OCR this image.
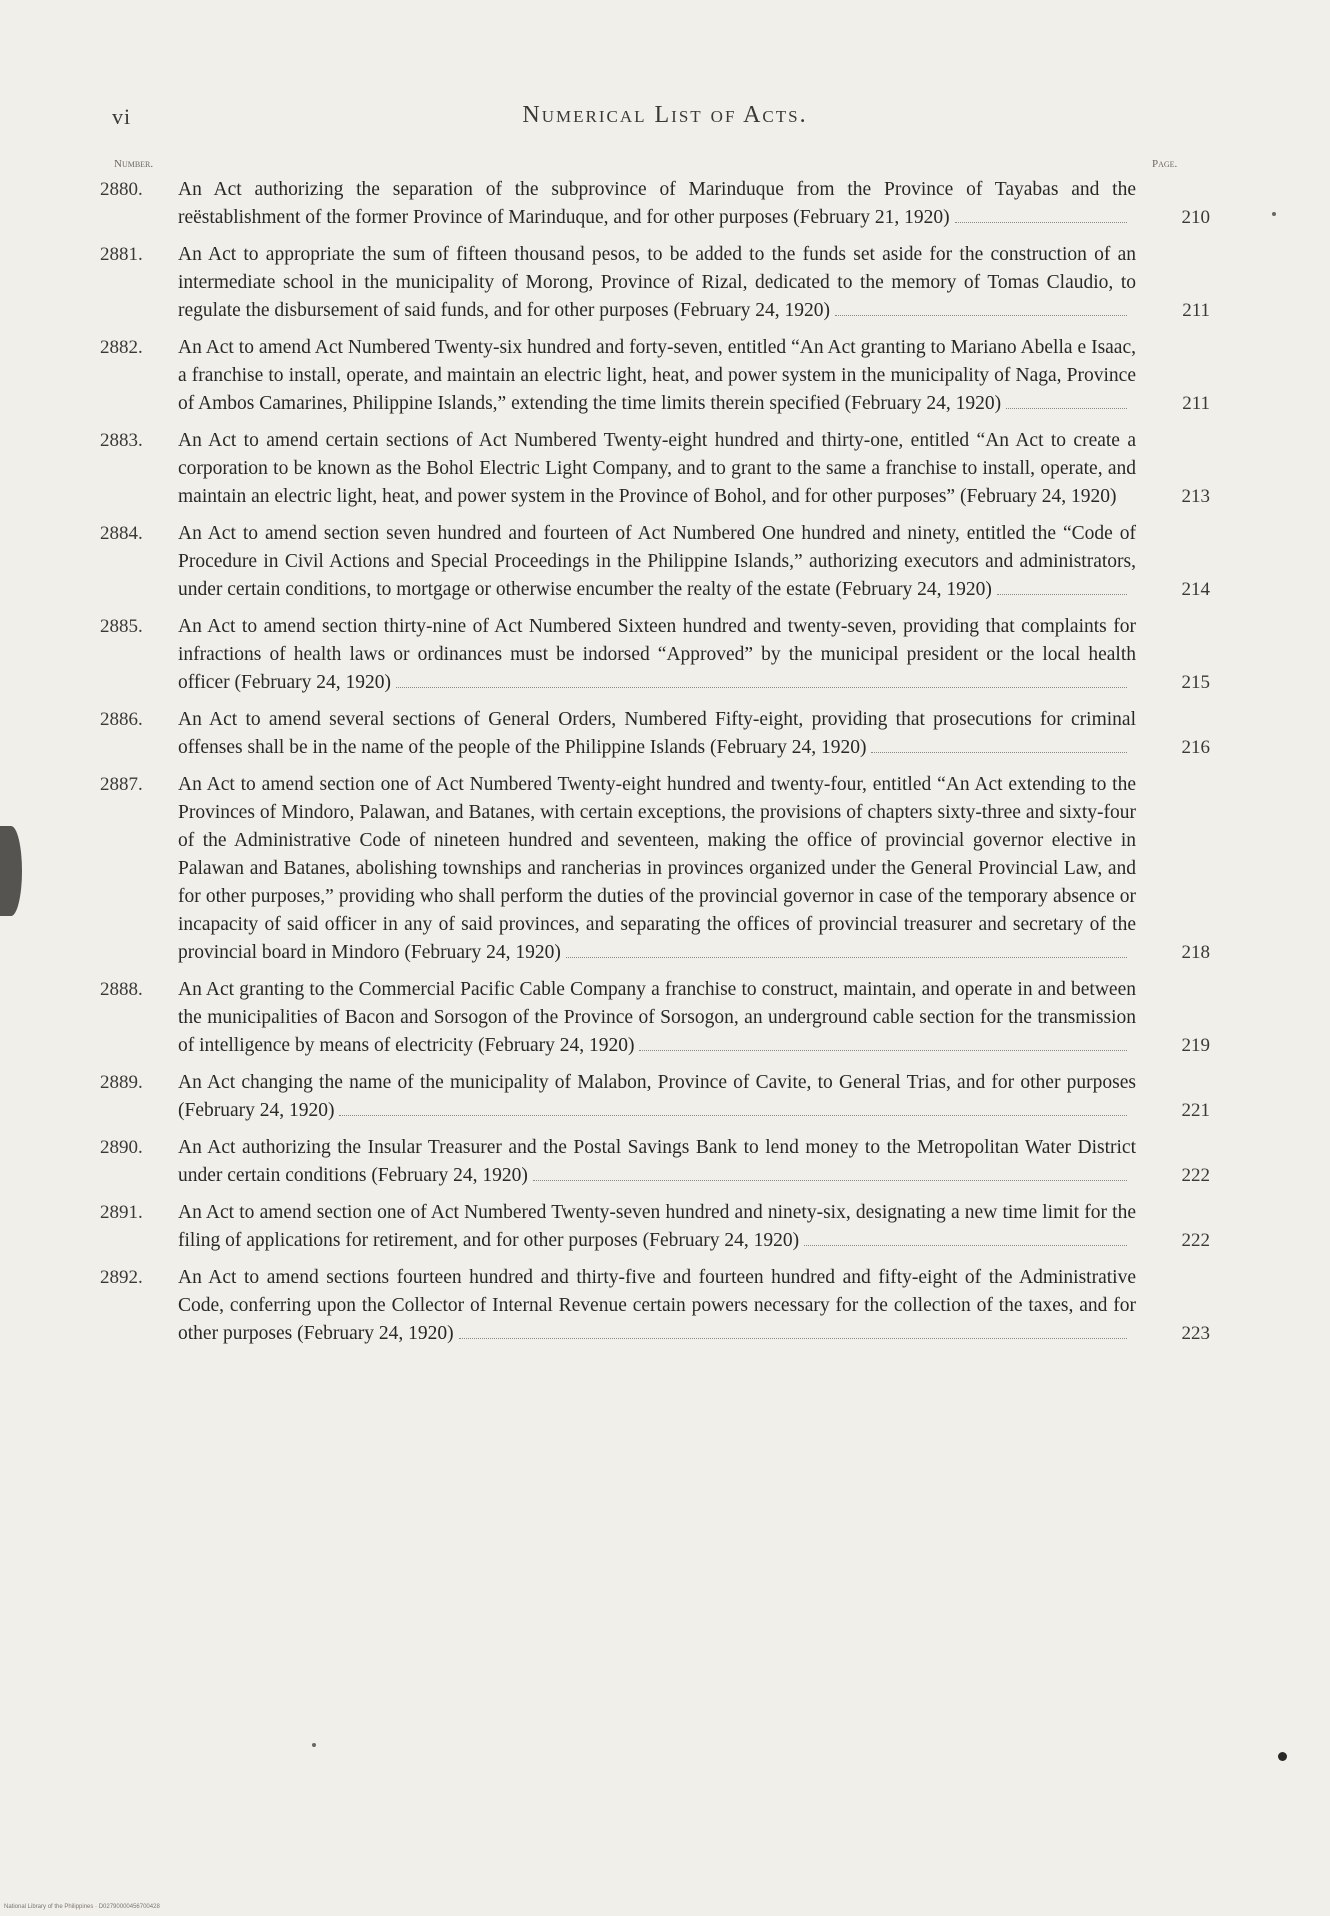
vi	Numerical List of Acts.
Number.	Page.
2880.	An Act authorizing the separation of the subprovince of Marinduque from the Province of Tayabas and the reëstablishment of the former Province of Marinduque, and for other purposes (February 21, 1920)	210
2881.	An Act to appropriate the sum of fifteen thousand pesos, to be added to the funds set aside for the construction of an intermediate school in the municipality of Morong, Province of Rizal, dedicated to the memory of Tomas Claudio, to regulate the disbursement of said funds, and for other purposes (February 24, 1920)	211
2882.	An Act to amend Act Numbered Twenty-six hundred and forty-seven, entitled “An Act granting to Mariano Abella e Isaac, a franchise to install, operate, and maintain an electric light, heat, and power system in the municipality of Naga, Province of Ambos Camarines, Philippine Islands,” extending the time limits therein specified (February 24, 1920)	211
2883.	An Act to amend certain sections of Act Numbered Twenty-eight hundred and thirty-one, entitled “An Act to create a corporation to be known as the Bohol Electric Light Company, and to grant to the same a franchise to install, operate, and maintain an electric light, heat, and power system in the Province of Bohol, and for other purposes” (February 24, 1920)	213
2884.	An Act to amend section seven hundred and fourteen of Act Numbered One hundred and ninety, entitled the “Code of Procedure in Civil Actions and Special Proceedings in the Philippine Islands,” authorizing executors and administrators, under certain conditions, to mortgage or otherwise encumber the realty of the estate (February 24, 1920)	214
2885.	An Act to amend section thirty-nine of Act Numbered Sixteen hundred and twenty-seven, providing that complaints for infractions of health laws or ordinances must be indorsed “Approved” by the municipal president or the local health officer (February 24, 1920)	215
2886.	An Act to amend several sections of General Orders, Numbered Fifty-eight, providing that prosecutions for criminal offenses shall be in the name of the people of the Philippine Islands (February 24, 1920)	216
2887.	An Act to amend section one of Act Numbered Twenty-eight hundred and twenty-four, entitled “An Act extending to the Provinces of Mindoro, Palawan, and Batanes, with certain exceptions, the provisions of chapters sixty-three and sixty-four of the Administrative Code of nineteen hundred and seventeen, making the office of provincial governor elective in Palawan and Batanes, abolishing townships and rancherias in provinces organized under the General Provincial Law, and for other purposes,” providing who shall perform the duties of the provincial governor in case of the temporary absence or incapacity of said officer in any of said provinces, and separating the offices of provincial treasurer and secretary of the provincial board in Mindoro (February 24, 1920)	218
2888.	An Act granting to the Commercial Pacific Cable Company a franchise to construct, maintain, and operate in and between the municipalities of Bacon and Sorsogon of the Province of Sorsogon, an underground cable section for the transmission of intelligence by means of electricity (February 24, 1920)	219
2889.	An Act changing the name of the municipality of Malabon, Province of Cavite, to General Trias, and for other purposes (February 24, 1920)	221
2890.	An Act authorizing the Insular Treasurer and the Postal Savings Bank to lend money to the Metropolitan Water District under certain conditions (February 24, 1920)	222
2891.	An Act to amend section one of Act Numbered Twenty-seven hundred and ninety-six, designating a new time limit for the filing of applications for retirement, and for other purposes (February 24, 1920)	222
2892.	An Act to amend sections fourteen hundred and thirty-five and fourteen hundred and fifty-eight of the Administrative Code, conferring upon the Collector of Internal Revenue certain powers necessary for the collection of the taxes, and for other purposes (February 24, 1920)	223
National Library of the Philippines · D02790000456700428
